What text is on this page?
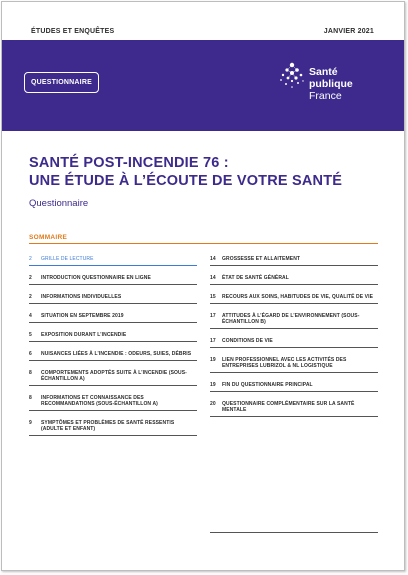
ÉTUDES ET ENQUÊTES	JANVIER 2021
QUESTIONNAIRE
Santé
publique
France
SANTÉ POST-INCENDIE 76 :
UNE ÉTUDE À L’ÉCOUTE DE VOTRE SANTÉ
Questionnaire
SOMMAIRE
2	GRILLE DE LECTURE
2	INTRODUCTION QUESTIONNAIRE EN LIGNE
2	INFORMATIONS INDIVIDUELLES
4	SITUATION EN SEPTEMBRE 2019
5	EXPOSITION DURANT L’INCENDIE
6	NUISANCES LIÉES À L’INCENDIE : ODEURS, SUIES, DÉBRIS
8	COMPORTEMENTS ADOPTÉS SUITE À L’INCENDIE (SOUS-ÉCHANTILLON A)
8	INFORMATIONS ET CONNAISSANCE DES RECOMMANDATIONS (SOUS-ÉCHANTILLON A)
9	SYMPTÔMES ET PROBLÈMES DE SANTÉ RESSENTIS (ADULTE ET ENFANT)
14	GROSSESSE ET ALLAITEMENT
14	ÉTAT DE SANTÉ GÉNÉRAL
15	RECOURS AUX SOINS, HABITUDES DE VIE, QUALITÉ DE VIE
17	ATTITUDES À L’ÉGARD DE L’ENVIRONNEMENT (SOUS-ÉCHANTILLON B)
17	CONDITIONS DE VIE
19	LIEN PROFESSIONNEL AVEC LES ACTIVITÉS DES ENTREPRISES LUBRIZOL & NL LOGISTIQUE
19	FIN DU QUESTIONNAIRE PRINCIPAL
20	QUESTIONNAIRE COMPLÉMENTAIRE SUR LA SANTÉ MENTALE
